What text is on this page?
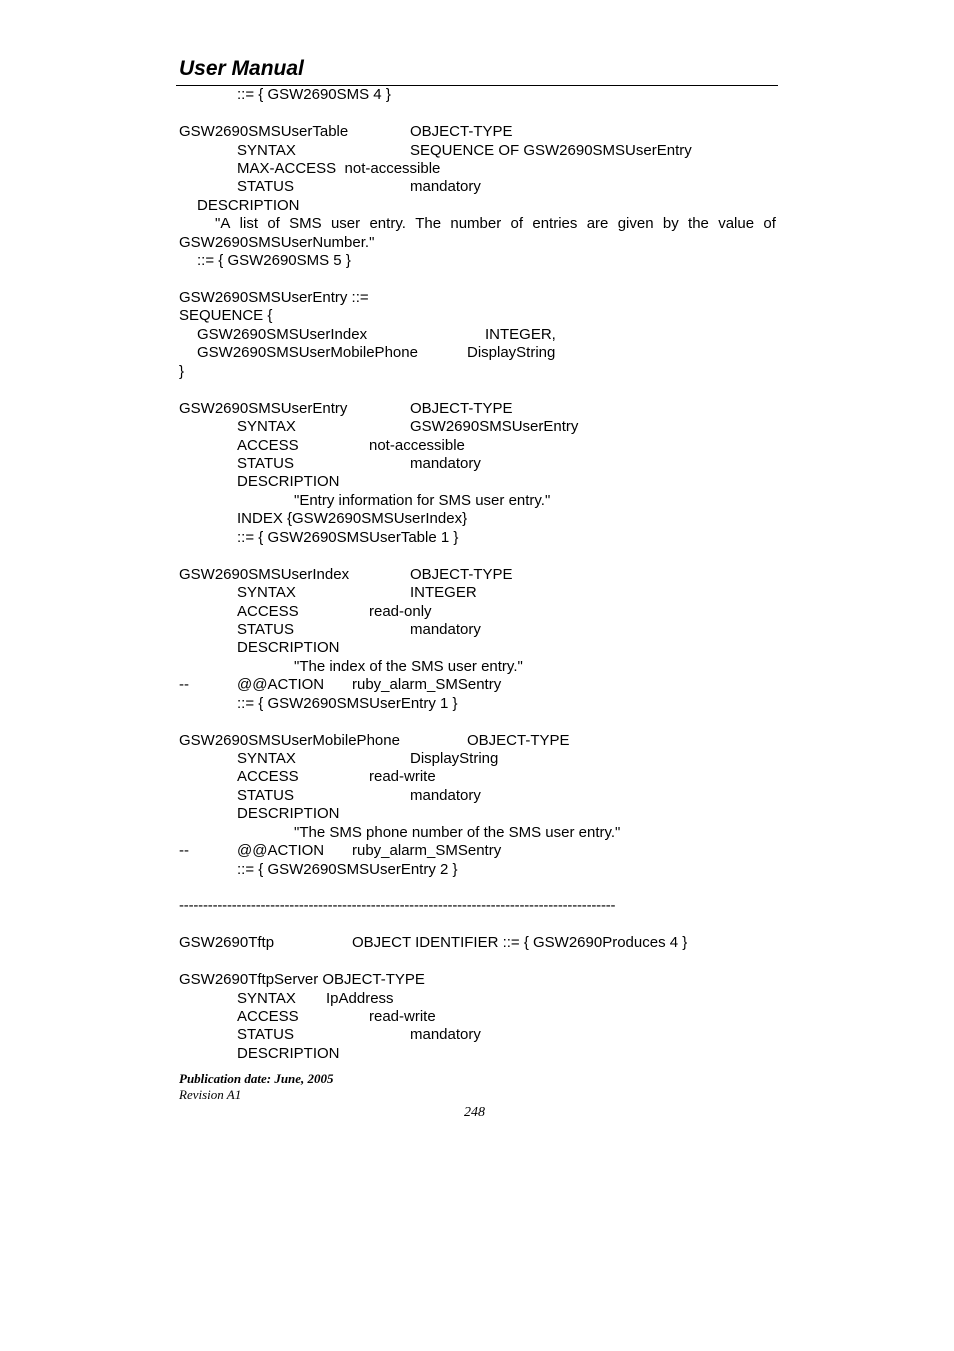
User Manual
::= { GSW2690SMS 4 }
GSW2690SMSUserTable	OBJECT-TYPE
SYNTAX	SEQUENCE OF GSW2690SMSUserEntry
MAX-ACCESS  not-accessible
STATUS	mandatory
DESCRIPTION
"A list of SMS user entry. The number of entries are given by the value of
GSW2690SMSUserNumber."
::= { GSW2690SMS 5 }
GSW2690SMSUserEntry ::=
SEQUENCE {
GSW2690SMSUserIndex	INTEGER,
GSW2690SMSUserMobilePhone	DisplayString
}
GSW2690SMSUserEntry	OBJECT-TYPE
SYNTAX	GSW2690SMSUserEntry
ACCESS	not-accessible
STATUS	mandatory
DESCRIPTION
"Entry information for SMS user entry."
INDEX {GSW2690SMSUserIndex}
::= { GSW2690SMSUserTable 1 }
GSW2690SMSUserIndex	OBJECT-TYPE
SYNTAX	INTEGER
ACCESS	read-only
STATUS	mandatory
DESCRIPTION
"The index of the SMS user entry."
--	@@ACTION ruby_alarm_SMSentry
::= { GSW2690SMSUserEntry 1 }
GSW2690SMSUserMobilePhone	OBJECT-TYPE
SYNTAX	DisplayString
ACCESS	read-write
STATUS	mandatory
DESCRIPTION
"The SMS phone number of the SMS user entry."
--	@@ACTION ruby_alarm_SMSentry
::= { GSW2690SMSUserEntry 2 }
-------------------------------------------------------------------------------------------
GSW2690Tftp	OBJECT IDENTIFIER ::= { GSW2690Produces 4 }
GSW2690TftpServer OBJECT-TYPE
SYNTAX IpAddress
ACCESS	read-write
STATUS	mandatory
DESCRIPTION
Publication date: June, 2005
Revision A1
248
